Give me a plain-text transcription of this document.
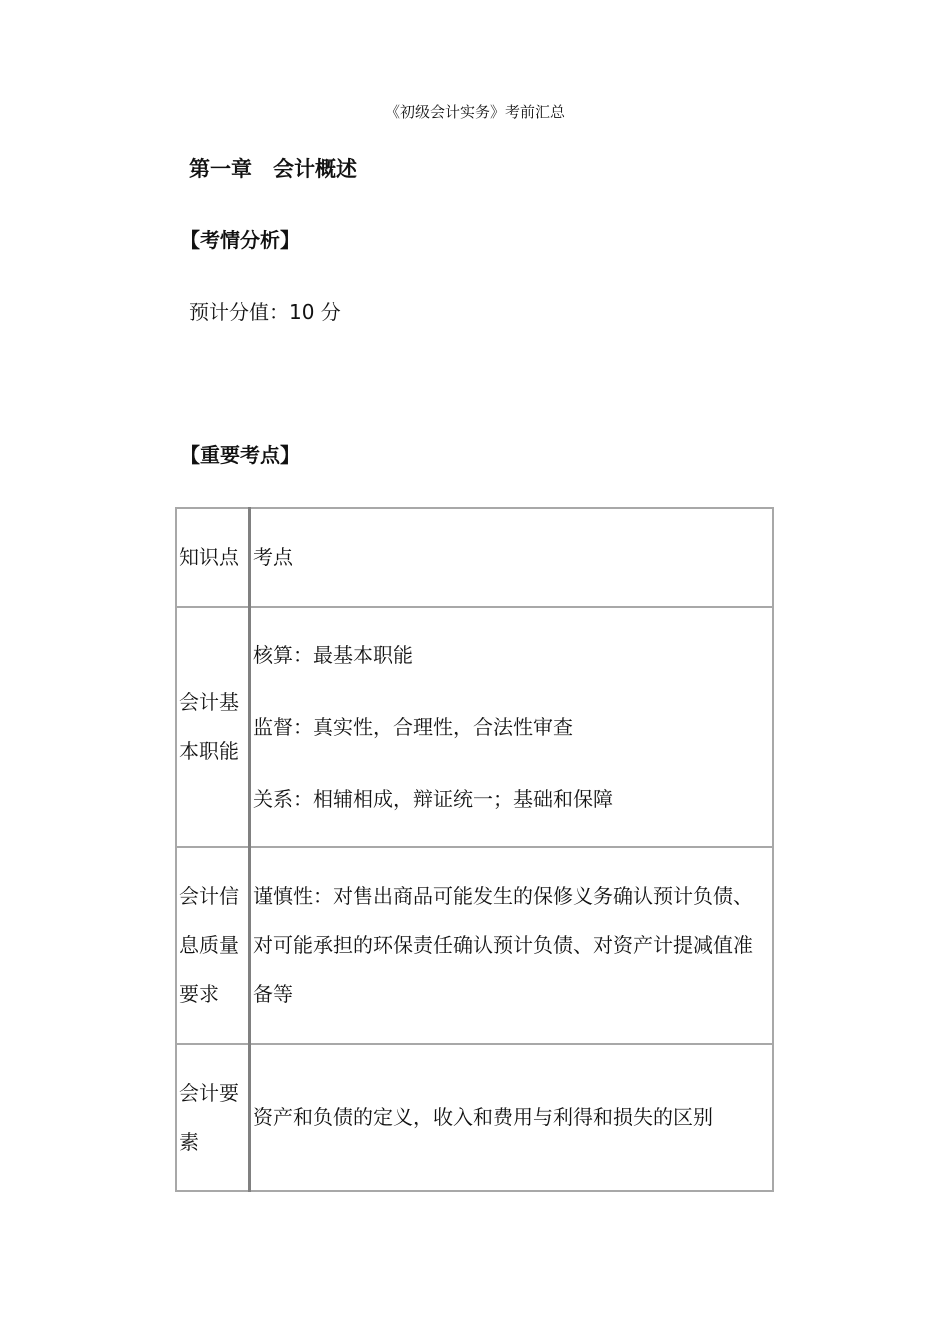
《初级会计实务》考前汇总
第一章　会计概述
【考情分析】
预计分值：10 分
【重要考点】
知识点	考点
会计基本职能	核算：最基本职能
监督：真实性，合理性，合法性审查
关系：相辅相成，辩证统一；基础和保障

会计信息质量要求	谨慎性：对售出商品可能发生的保修义务确认预计负债、对可能承担的环保责任确认预计负债、对资产计提减值准备等

会计要素	资产和负债的定义，收入和费用与利得和损失的区别
